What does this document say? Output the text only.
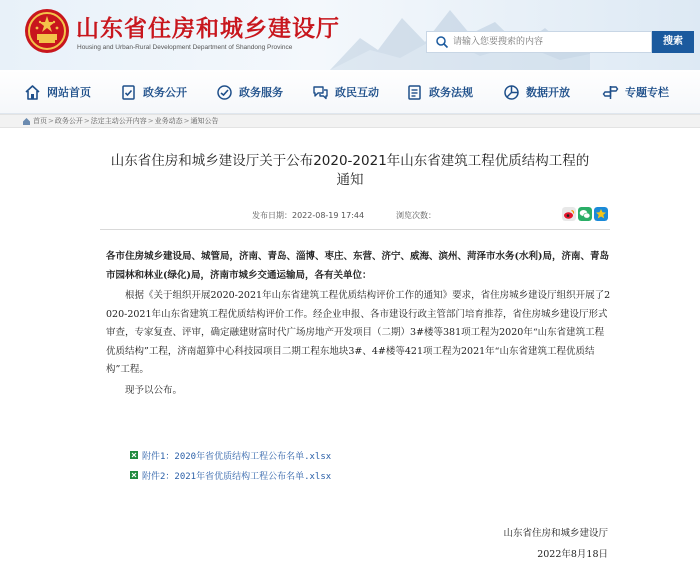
山东省住房和城乡建设厅
Housing and Urban-Rural Development Department of Shandong Province
请输入您要搜索的内容
搜索
网站首页	政务公开	政务服务	政民互动	政务法规	数据开放	专题专栏
首页 > 政务公开 > 法定主动公开内容 > 业务动态 > 通知公告
山东省住房和城乡建设厅关于公布2020-2021年山东省建筑工程优质结构工程的
通知
发布日期：2022-08-19 17:44	浏览次数：

各市住房城乡建设局、城管局，济南、青岛、淄博、枣庄、东营、济宁、威海、滨州、菏泽市水务(水利)局，济南、青岛市园林和林业(绿化)局，济南市城乡交通运输局，各有关单位：

根据《关于组织开展2020-2021年山东省建筑工程优质结构评价工作的通知》要求，省住房城乡建设厅组织开展了2020-2021年山东省建筑工程优质结构评价工作。经企业申报、各市建设行政主管部门培育推荐，省住房城乡建设厅形式审查，专家复查、评审，确定融建财富时代广场房地产开发项目（二期）3#楼等381项工程为2020年“山东省建筑工程优质结构”工程，济南超算中心科技园项目二期工程东地块3#、4#楼等421项工程为2021年“山东省建筑工程优质结构”工程。

现予以公布。

附件1：2020年省优质结构工程公布名单.xlsx
附件2：2021年省优质结构工程公布名单.xlsx
山东省住房和城乡建设厅
2022年8月18日
